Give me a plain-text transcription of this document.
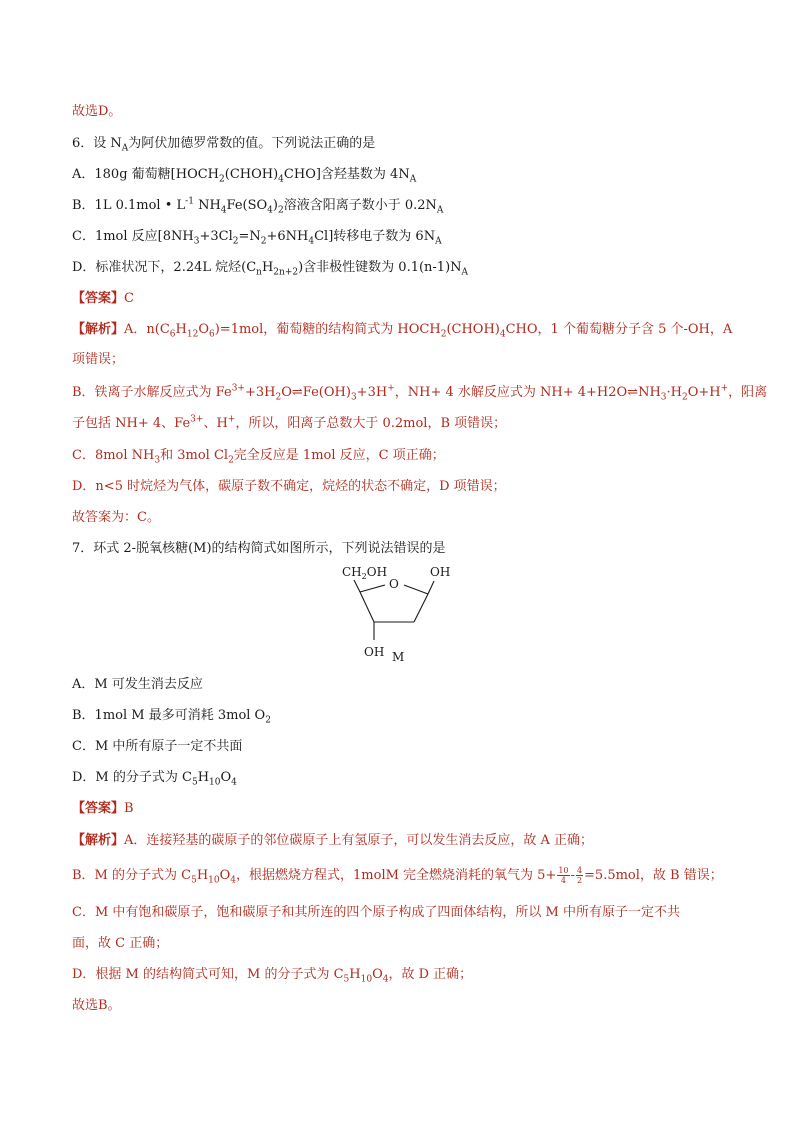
故选D。
6．设 $N_A$为阿伏加德罗常数的值。下列说法正确的是
A．180g 葡萄糖$[HOCH_2(CHOH)_4CHO]$含羟基数为 $4N_A$
B．1L 0.1mol • $L^{-1}$ $NH_4Fe(SO_4)_2$溶液含阳离子数小于 $0.2N_A$
C．1mol 反应$[8NH_3+3Cl_2=N_2+6NH_4Cl]$转移电子数为 $6N_A$
D．标准状况下，2.24L 烷烃$(C_nH_{2n+2})$含非极性键数为 $0.1(n-1)N_A$
【答案】C
【解析】A．$n(C_6H_{12}O_6)=1mol$，葡萄糖的结构简式为 $HOCH_2(CHOH)_4CHO$，1 个葡萄糖分子含 5 个-OH，A
项错误；
B．铁离子水解反应式为 $Fe^{3+}+3H_2O\rightleftharpoons Fe(OH)_3+3H^+$，NH+ 4 水解反应式为 $NH+ 4+H2O\rightleftharpoons NH_3\cdot H_2O+H^+$，阳离
子包括 NH+ 4、$Fe^{3+}$、H+，所以，阳离子总数大于 0.2mol，B 项错误；
C．8mol $NH_3$和 3mol $Cl_2$完全反应是 1mol 反应，C 项正确；
D．n<5 时烷烃为气体，碳原子数不确定，烷烃的状态不确定，D 项错误；
故答案为：C。
7．环式 2-脱氧核糖(M)的结构简式如图所示，下列说法错误的是
$CH_2OH$
O
OH
OH M
A．M 可发生消去反应
B．1mol M 最多可消耗 3mol $O_2$
C．M 中所有原子一定不共面
D．M 的分子式为 $C_5H_{10}O_4$
【答案】B
【解析】A．连接羟基的碳原子的邻位碳原子上有氢原子，可以发生消去反应，故 A 正确；
B．M 的分子式为 $C_5H_{10}O_4$，根据燃烧方程式，1molM 完全燃烧消耗的氧气为 $5+ \frac{10}{4} - \frac{4}{2} =5.5mol$，故 B 错误；
C．M 中有饱和碳原子，饱和碳原子和其所连的四个原子构成了四面体结构，所以 M 中所有原子一定不共
面，故 C 正确；
D．根据 M 的结构简式可知，M 的分子式为 $C_5H_{10}O_4$，故 D 正确；
故选B。
